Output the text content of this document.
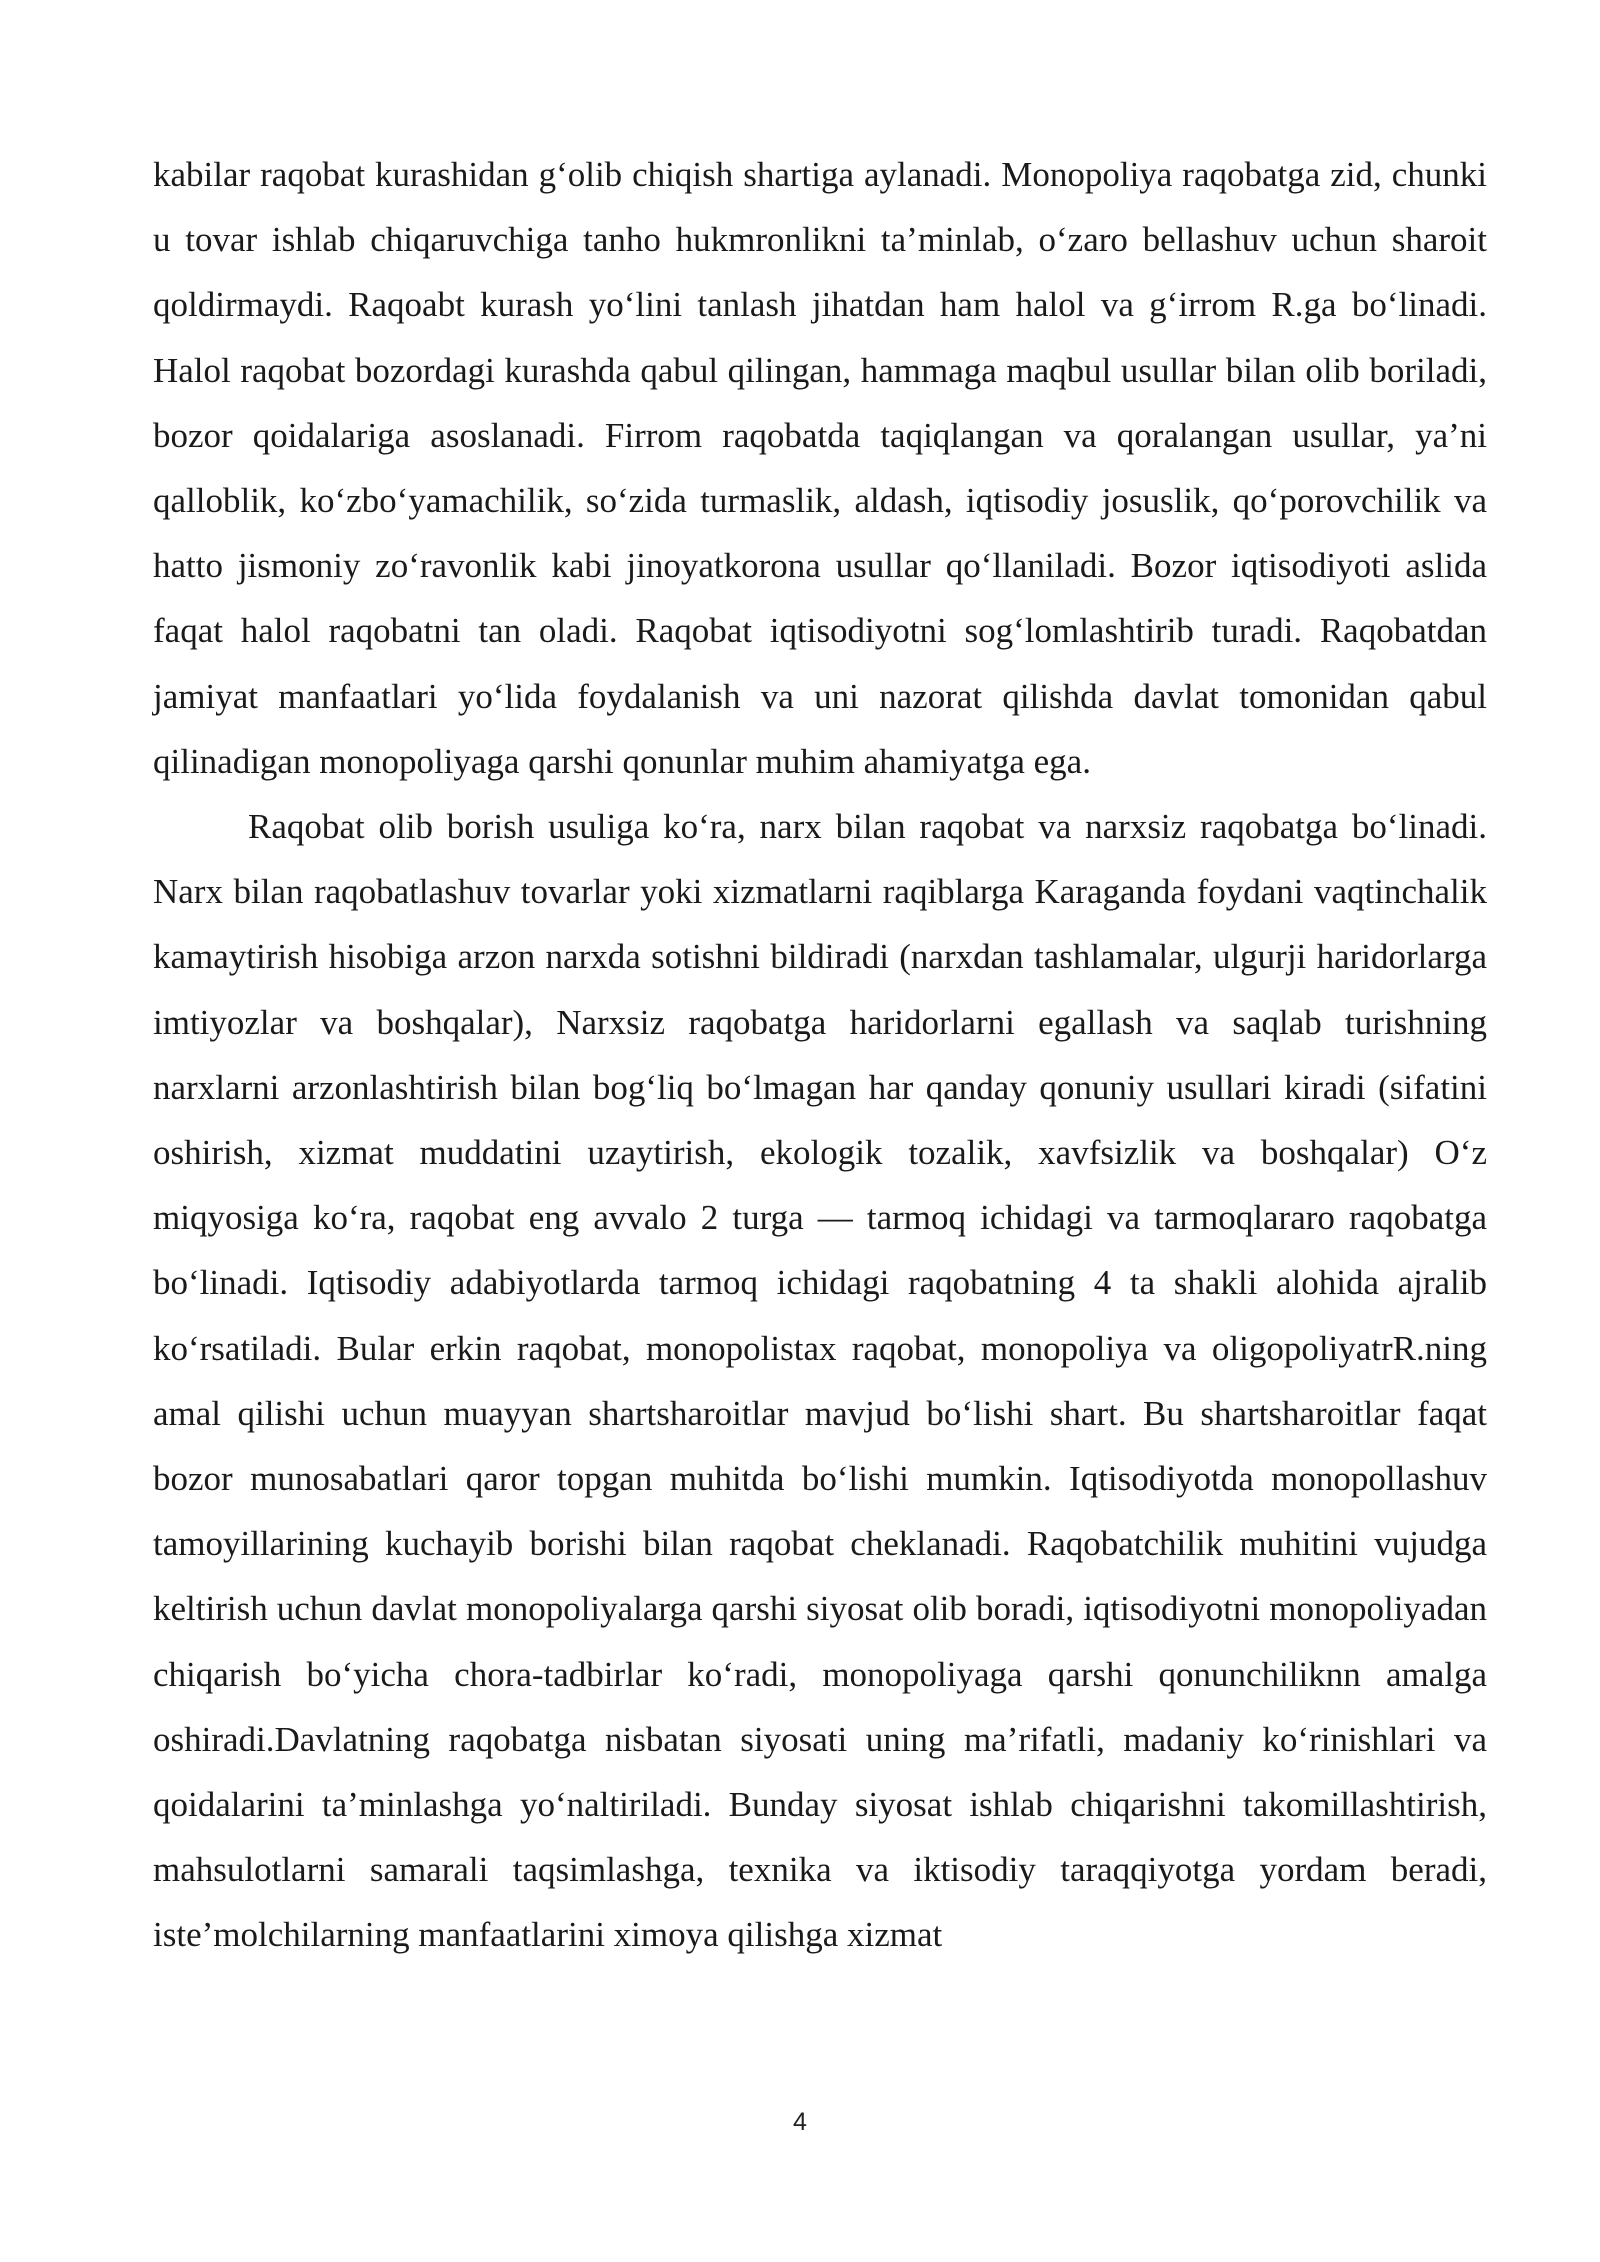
kabilar raqobat kurashidan g‘olib chiqish shartiga aylanadi. Monopoliya raqobatga zid, chunki u tovar ishlab chiqaruvchiga tanho hukmronlikni ta’minlab, o‘zaro bellashuv uchun sharoit qoldirmaydi. Raqoabt kurash yo‘lini tanlash jihatdan ham halol va g‘irrom R.ga bo‘linadi. Halol raqobat bozordagi kurashda qabul qilingan, hammaga maqbul usullar bilan olib boriladi, bozor qoidalariga asoslanadi. Firrom raqobatda taqiqlangan va qoralangan usullar, ya’ni qalloblik, ko‘zbo‘yamachilik, so‘zida turmaslik, aldash, iqtisodiy josuslik, qo‘porovchilik va hatto jismoniy zo‘ravonlik kabi jinoyatkorona usullar qo‘llaniladi. Bozor iqtisodiyoti aslida faqat halol raqobatni tan oladi. Raqobat iqtisodiyotni sog‘lomlashtirib turadi. Raqobatdan jamiyat manfaatlari yo‘lida foydalanish va uni nazorat qilishda davlat tomonidan qabul qilinadigan monopoliyaga qarshi qonunlar muhim ahamiyatga ega.

Raqobat olib borish usuliga ko‘ra, narx bilan raqobat va narxsiz raqobatga bo‘linadi. Narx bilan raqobatlashuv tovarlar yoki xizmatlarni raqiblarga Karaganda foydani vaqtinchalik kamaytirish hisobiga arzon narxda sotishni bildiradi (narxdan tashlamalar, ulgurji haridorlarga imtiyozlar va boshqalar), Narxsiz raqobatga haridorlarni egallash va saqlab turishning narxlarni arzonlashtirish bilan bog‘liq bo‘lmagan har qanday qonuniy usullari kiradi (sifatini oshirish, xizmat muddatini uzaytirish, ekologik tozalik, xavfsizlik va boshqalar) O‘z miqyosiga ko‘ra, raqobat eng avvalo 2 turga — tarmoq ichidagi va tarmoqlararo raqobatga bo‘linadi. Iqtisodiy adabiyotlarda tarmoq ichidagi raqobatning 4 ta shakli alohida ajralib ko‘rsatiladi. Bular erkin raqobat, monopolistax raqobat, monopoliya va oligopoliyatrR.ning amal qilishi uchun muayyan shartsharoitlar mavjud bo‘lishi shart. Bu shartsharoitlar faqat bozor munosabatlari qaror topgan muhitda bo‘lishi mumkin. Iqtisodiyotda monopollashuv tamoyillarining kuchayib borishi bilan raqobat cheklanadi. Raqobatchilik muhitini vujudga keltirish uchun davlat monopoliyalarga qarshi siyosat olib boradi, iqtisodiyotni monopoliyadan chiqarish bo‘yicha chora-tadbirlar ko‘radi, monopoliyaga qarshi qonunchiliknn amalga oshiradi.Davlatning raqobatga nisbatan siyosati uning ma’rifatli, madaniy ko‘rinishlari va qoidalarini ta’minlashga yo‘naltiriladi. Bunday siyosat ishlab chiqarishni takomillashtirish, mahsulotlarni samarali taqsimlashga, texnika va iktisodiy taraqqiyotga yordam beradi, iste’molchilarning manfaatlarini ximoya qilishga xizmat

4
